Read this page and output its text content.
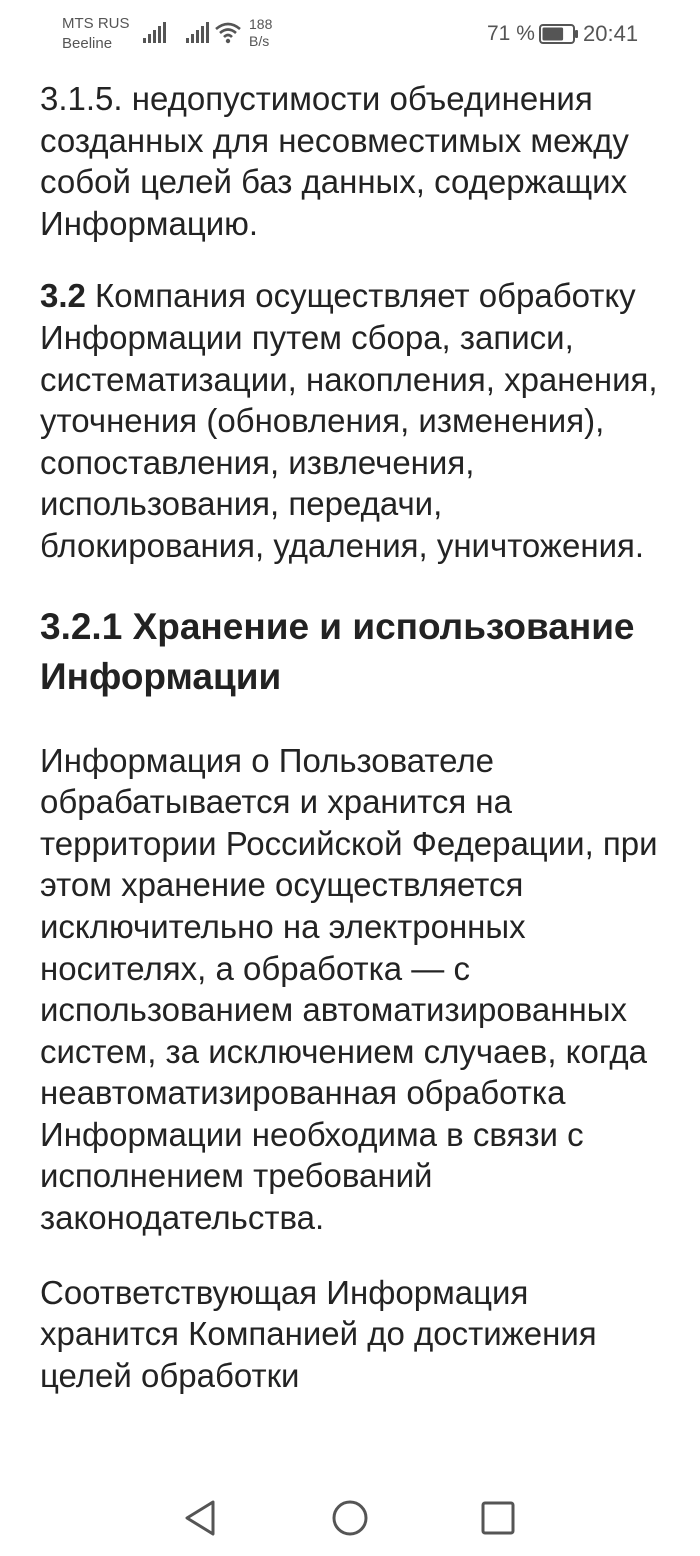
MTS RUS
Beeline
188
B/s	71 % 20:41

3.1.5. недопустимости объединения созданных для несовместимых между собой целей баз данных, содержащих Информацию.

3.2 Компания осуществляет обработку Информации путем сбора, записи, систематизации, накопления, хранения, уточнения (обновления, изменения), сопоставления, извлечения, использования, передачи, блокирования, удаления, уничтожения.

3.2.1 Хранение и использование Информации

Информация о Пользователе обрабатывается и хранится на территории Российской Федерации, при этом хранение осуществляется исключительно на электронных носителях, а обработка — с использованием автоматизированных систем, за исключением случаев, когда неавтоматизированная обработка Информации необходима в связи с исполнением требований законодательства.

Соответствующая Информация хранится Компанией до достижения целей обработки
